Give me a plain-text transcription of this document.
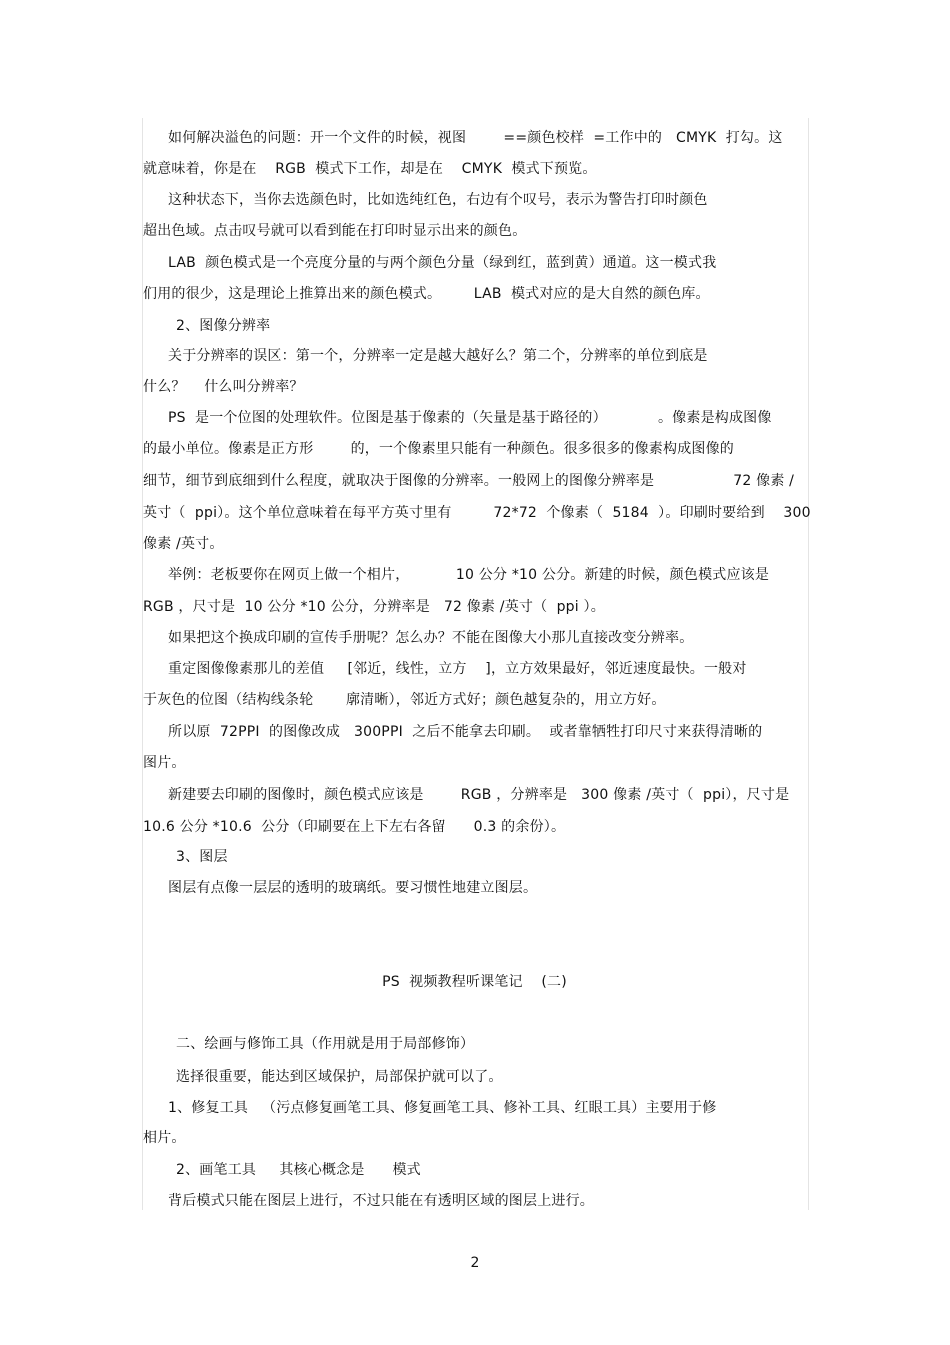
如何解决溢色的问题：开一个文件的时候，视图        ==颜色校样  =工作中的   CMYK  打勾。这
就意味着，你是在    RGB  模式下工作，却是在    CMYK  模式下预览。
这种状态下，当你去选颜色时，比如选纯红色，右边有个叹号，表示为警告打印时颜色
超出色域。点击叹号就可以看到能在打印时显示出来的颜色。
LAB  颜色模式是一个亮度分量的与两个颜色分量（绿到红，蓝到黄）通道。这一模式我
们用的很少，这是理论上推算出来的颜色模式。       LAB  模式对应的是大自然的颜色库。
2、图像分辨率
关于分辨率的误区：第一个，分辨率一定是越大越好么？第二个，分辨率的单位到底是
什么？    什么叫分辨率？
PS  是一个位图的处理软件。位图是基于像素的（矢量是基于路径的）           。像素是构成图像
的最小单位。像素是正方形        的，一个像素里只能有一种颜色。很多很多的像素构成图像的
细节，细节到底细到什么程度，就取决于图像的分辨率。一般网上的图像分辨率是                 72 像素 /
英寸（  ppi）。这个单位意味着在每平方英寸里有         72*72  个像素（  5184  ）。印刷时要给到    300
像素 /英寸。
举例：老板要你在网页上做一个相片，          10 公分 *10 公分。新建的时候，颜色模式应该是
RGB ，尺寸是  10 公分 *10 公分，分辨率是   72 像素 /英寸（  ppi ）。
如果把这个换成印刷的宣传手册呢？怎么办？不能在图像大小那儿直接改变分辨率。
重定图像像素那儿的差值     [邻近，线性，立方    ]，立方效果最好，邻近速度最快。一般对
于灰色的位图（结构线条轮       廓清晰），邻近方式好；颜色越复杂的，用立方好。
所以原  72PPI  的图像改成   300PPI  之后不能拿去印刷。  或者靠牺牲打印尺寸来获得清晰的
图片。
新建要去印刷的图像时，颜色模式应该是        RGB ，分辨率是   300 像素 /英寸（  ppi），尺寸是
10.6 公分 *10.6  公分（印刷要在上下左右各留      0.3 的余份）。
3、图层
图层有点像一层层的透明的玻璃纸。要习惯性地建立图层。
PS  视频教程听课笔记    (二)
二、绘画与修饰工具（作用就是用于局部修饰）
选择很重要，能达到区域保护，局部保护就可以了。
1、修复工具   （污点修复画笔工具、修复画笔工具、修补工具、红眼工具）主要用于修
相片。
2、画笔工具     其核心概念是      模式
背后模式只能在图层上进行，不过只能在有透明区域的图层上进行。
2
